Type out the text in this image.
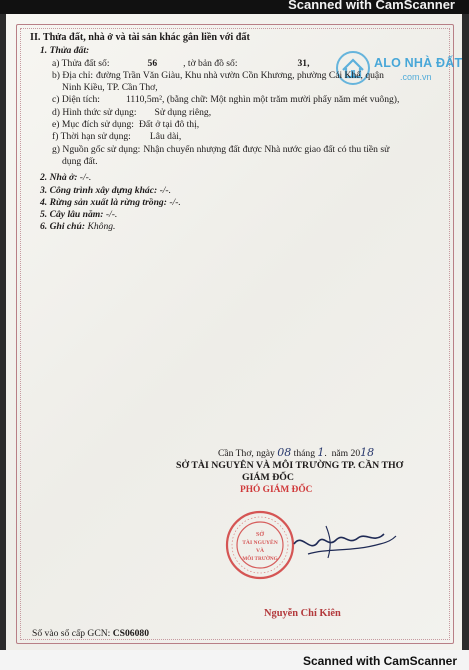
Scanned with CamScanner
ALO NHÀ ĐẤT
.com.vn
II. Thửa đất, nhà ở và tài sản khác gắn liền với đất
1. Thửa đất:
a) Thửa đất số:	56	, tờ bản đồ số:	31,
b) Địa chỉ: đường Trần Văn Giàu, Khu nhà vườn Cồn Khương, phường Cái Khế, quận
Ninh Kiều, TP. Cần Thơ,
c) Diện tích:	1110,5m², (bằng chữ: Một nghìn một trăm mười phẩy năm mét vuông),
d) Hình thức sử dụng: Sử dụng riêng,
e) Mục đích sử dụng: Đất ở tại đô thị,
f) Thời hạn sử dụng: Lâu dài,
g) Nguồn gốc sử dụng: Nhận chuyển nhượng đất được Nhà nước giao đất có thu tiền sử
dụng đất.
2. Nhà ở: -/-.
3. Công trình xây dựng khác: -/-.
4. Rừng sản xuất là rừng trồng: -/-.
5. Cây lâu năm: -/-.
6. Ghi chú: Không.
Cần Thơ, ngày 08 tháng 1.  năm 2018
SỞ TÀI NGUYÊN VÀ MÔI TRƯỜNG TP. CẦN THƠ
GIÁM ĐỐC
PHÓ GIÁM ĐỐC
SỞ
TÀI NGUYÊN
VÀ
MÔI TRƯỜNG
Nguyễn Chí Kiên
Số vào sổ cấp GCN: CS06080
Scanned with CamScanner
